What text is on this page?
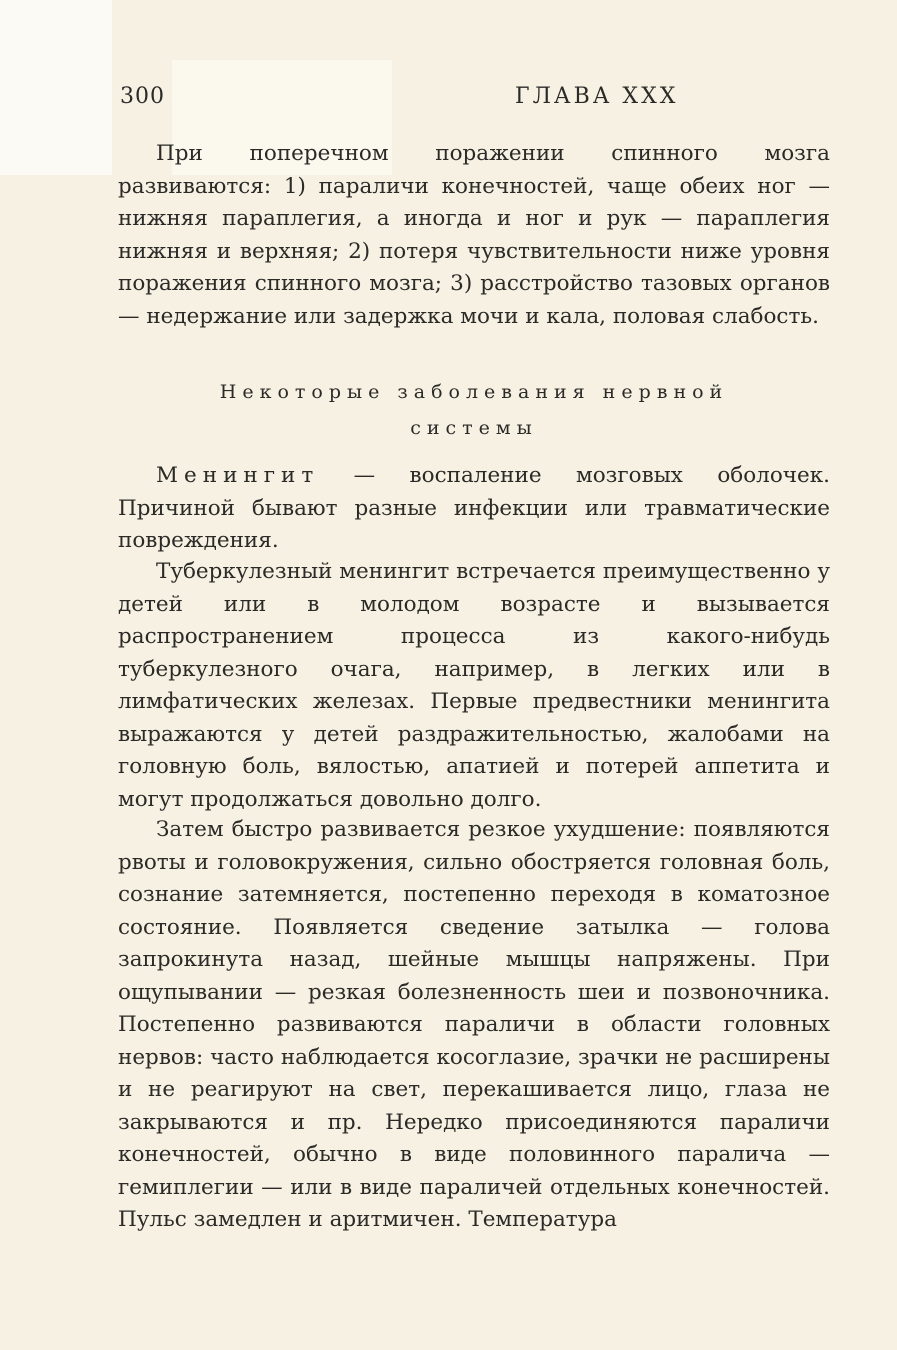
300	ГЛАВА XXX

При поперечном поражении спинного мозга развиваются: 1) параличи конечностей, чаще обеих ног — нижняя параплегия, а иногда и ног и рук — параплегия нижняя и верхняя; 2) потеря чувствительности ниже уровня поражения спинного мозга; 3) расстройство тазовых органов — недержание или задержка мочи и кала, половая слабость.

Некоторые заболевания нервной
системы

Менингит — воспаление мозговых оболочек. Причиной бывают разные инфекции или травматические повреждения.

Туберкулезный менингит встречается преимущественно у детей или в молодом возрасте и вызывается распространением процесса из какого-нибудь туберкулезного очага, например, в легких или в лимфатических железах. Первые предвестники менингита выражаются у детей раздражительностью, жалобами на головную боль, вялостью, апатией и потерей аппетита и могут продолжаться довольно долго.

Затем быстро развивается резкое ухудшение: появляются рвоты и головокружения, сильно обостряется головная боль, сознание затемняется, постепенно переходя в коматозное состояние. Появляется сведение затылка — голова запрокинута назад, шейные мышцы напряжены. При ощупывании — резкая болезненность шеи и позвоночника. Постепенно развиваются параличи в области головных нервов: часто наблюдается косоглазие, зрачки не расширены и не реагируют на свет, перекашивается лицо, глаза не закрываются и пр. Нередко присоединяются параличи конечностей, обычно в виде половинного паралича — гемиплегии — или в виде параличей отдельных конечностей. Пульс замедлен и аритмичен. Температура
